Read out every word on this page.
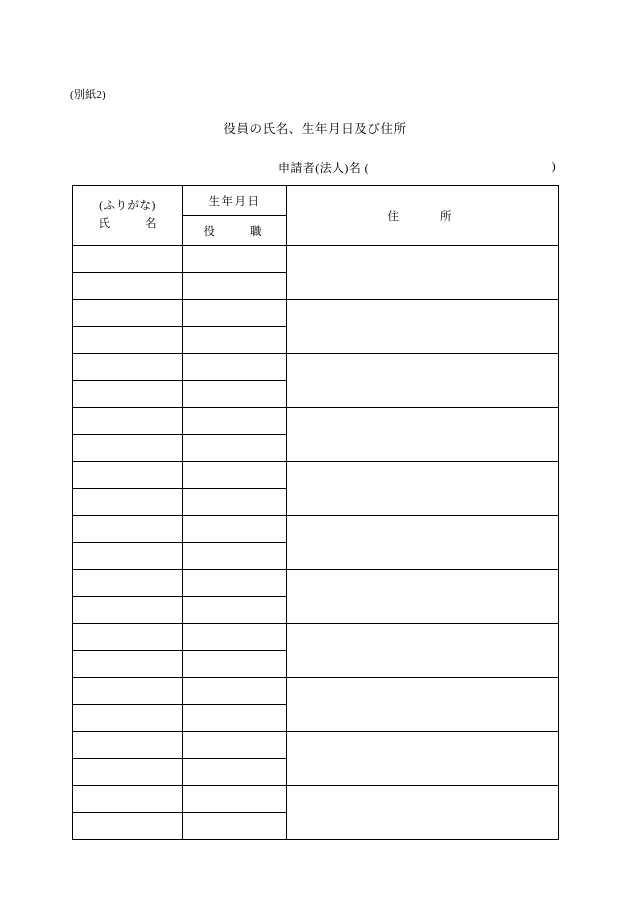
(別紙2)
役員の氏名、生年月日及び住所
申請者(法人)名 (	)
(ふりがな)
氏　　名	生年月日	住　　所
	役　　職	
